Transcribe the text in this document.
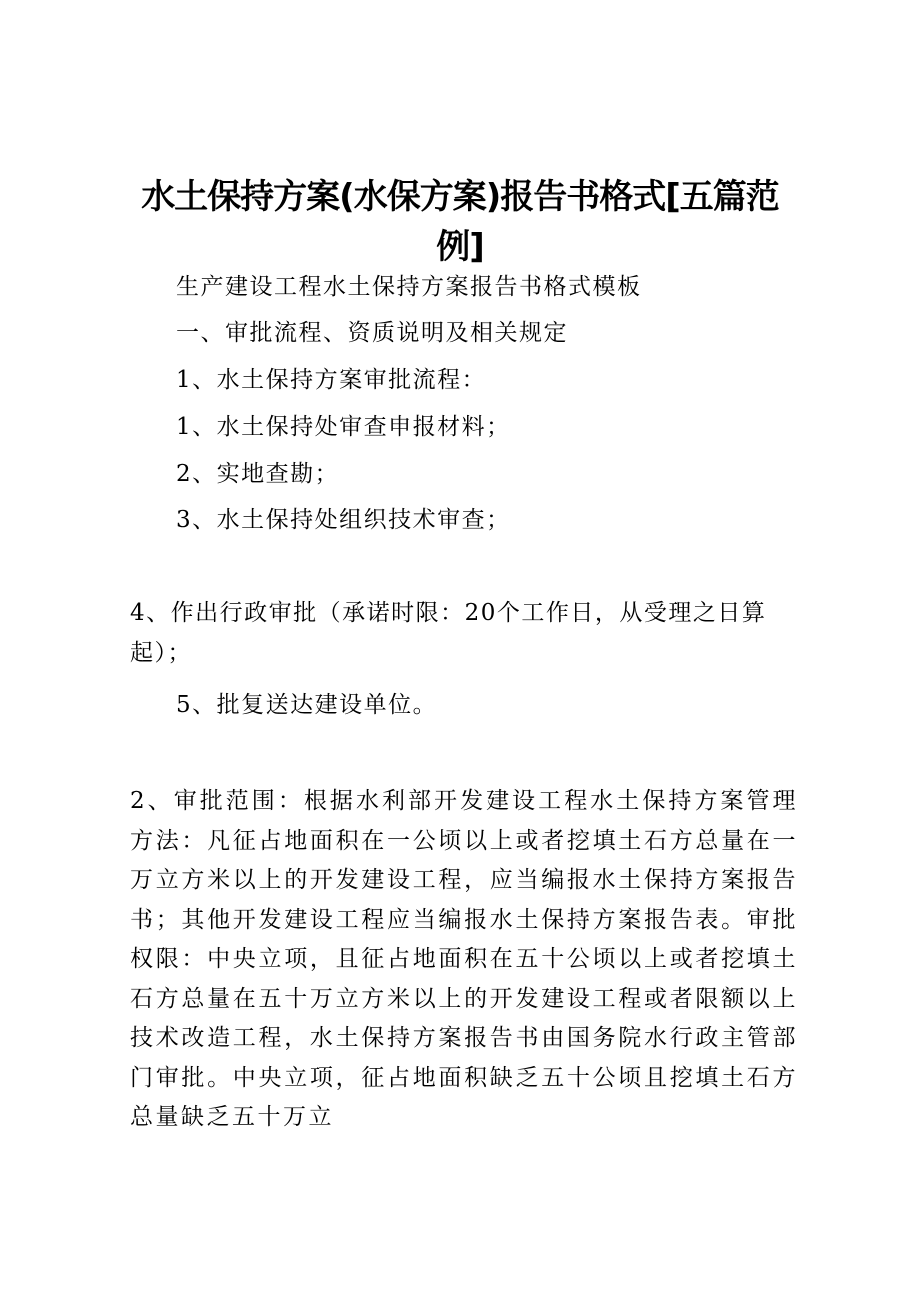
水土保持方案(水保方案)报告书格式[五篇范例]

生产建设工程水土保持方案报告书格式模板

一、审批流程、资质说明及相关规定

1、水土保持方案审批流程：

1、水土保持处审查申报材料；

2、实地查勘；

3、水土保持处组织技术审查；

4、作出行政审批（承诺时限：20个工作日，从受理之日算起）；

5、批复送达建设单位。

2、审批范围：根据水利部开发建设工程水土保持方案管理方法：凡征占地面积在一公顷以上或者挖填土石方总量在一万立方米以上的开发建设工程，应当编报水土保持方案报告书；其他开发建设工程应当编报水土保持方案报告表。审批权限：中央立项，且征占地面积在五十公顷以上或者挖填土石方总量在五十万立方米以上的开发建设工程或者限额以上技术改造工程，水土保持方案报告书由国务院水行政主管部门审批。中央立项，征占地面积缺乏五十公顷且挖填土石方总量缺乏五十万立
